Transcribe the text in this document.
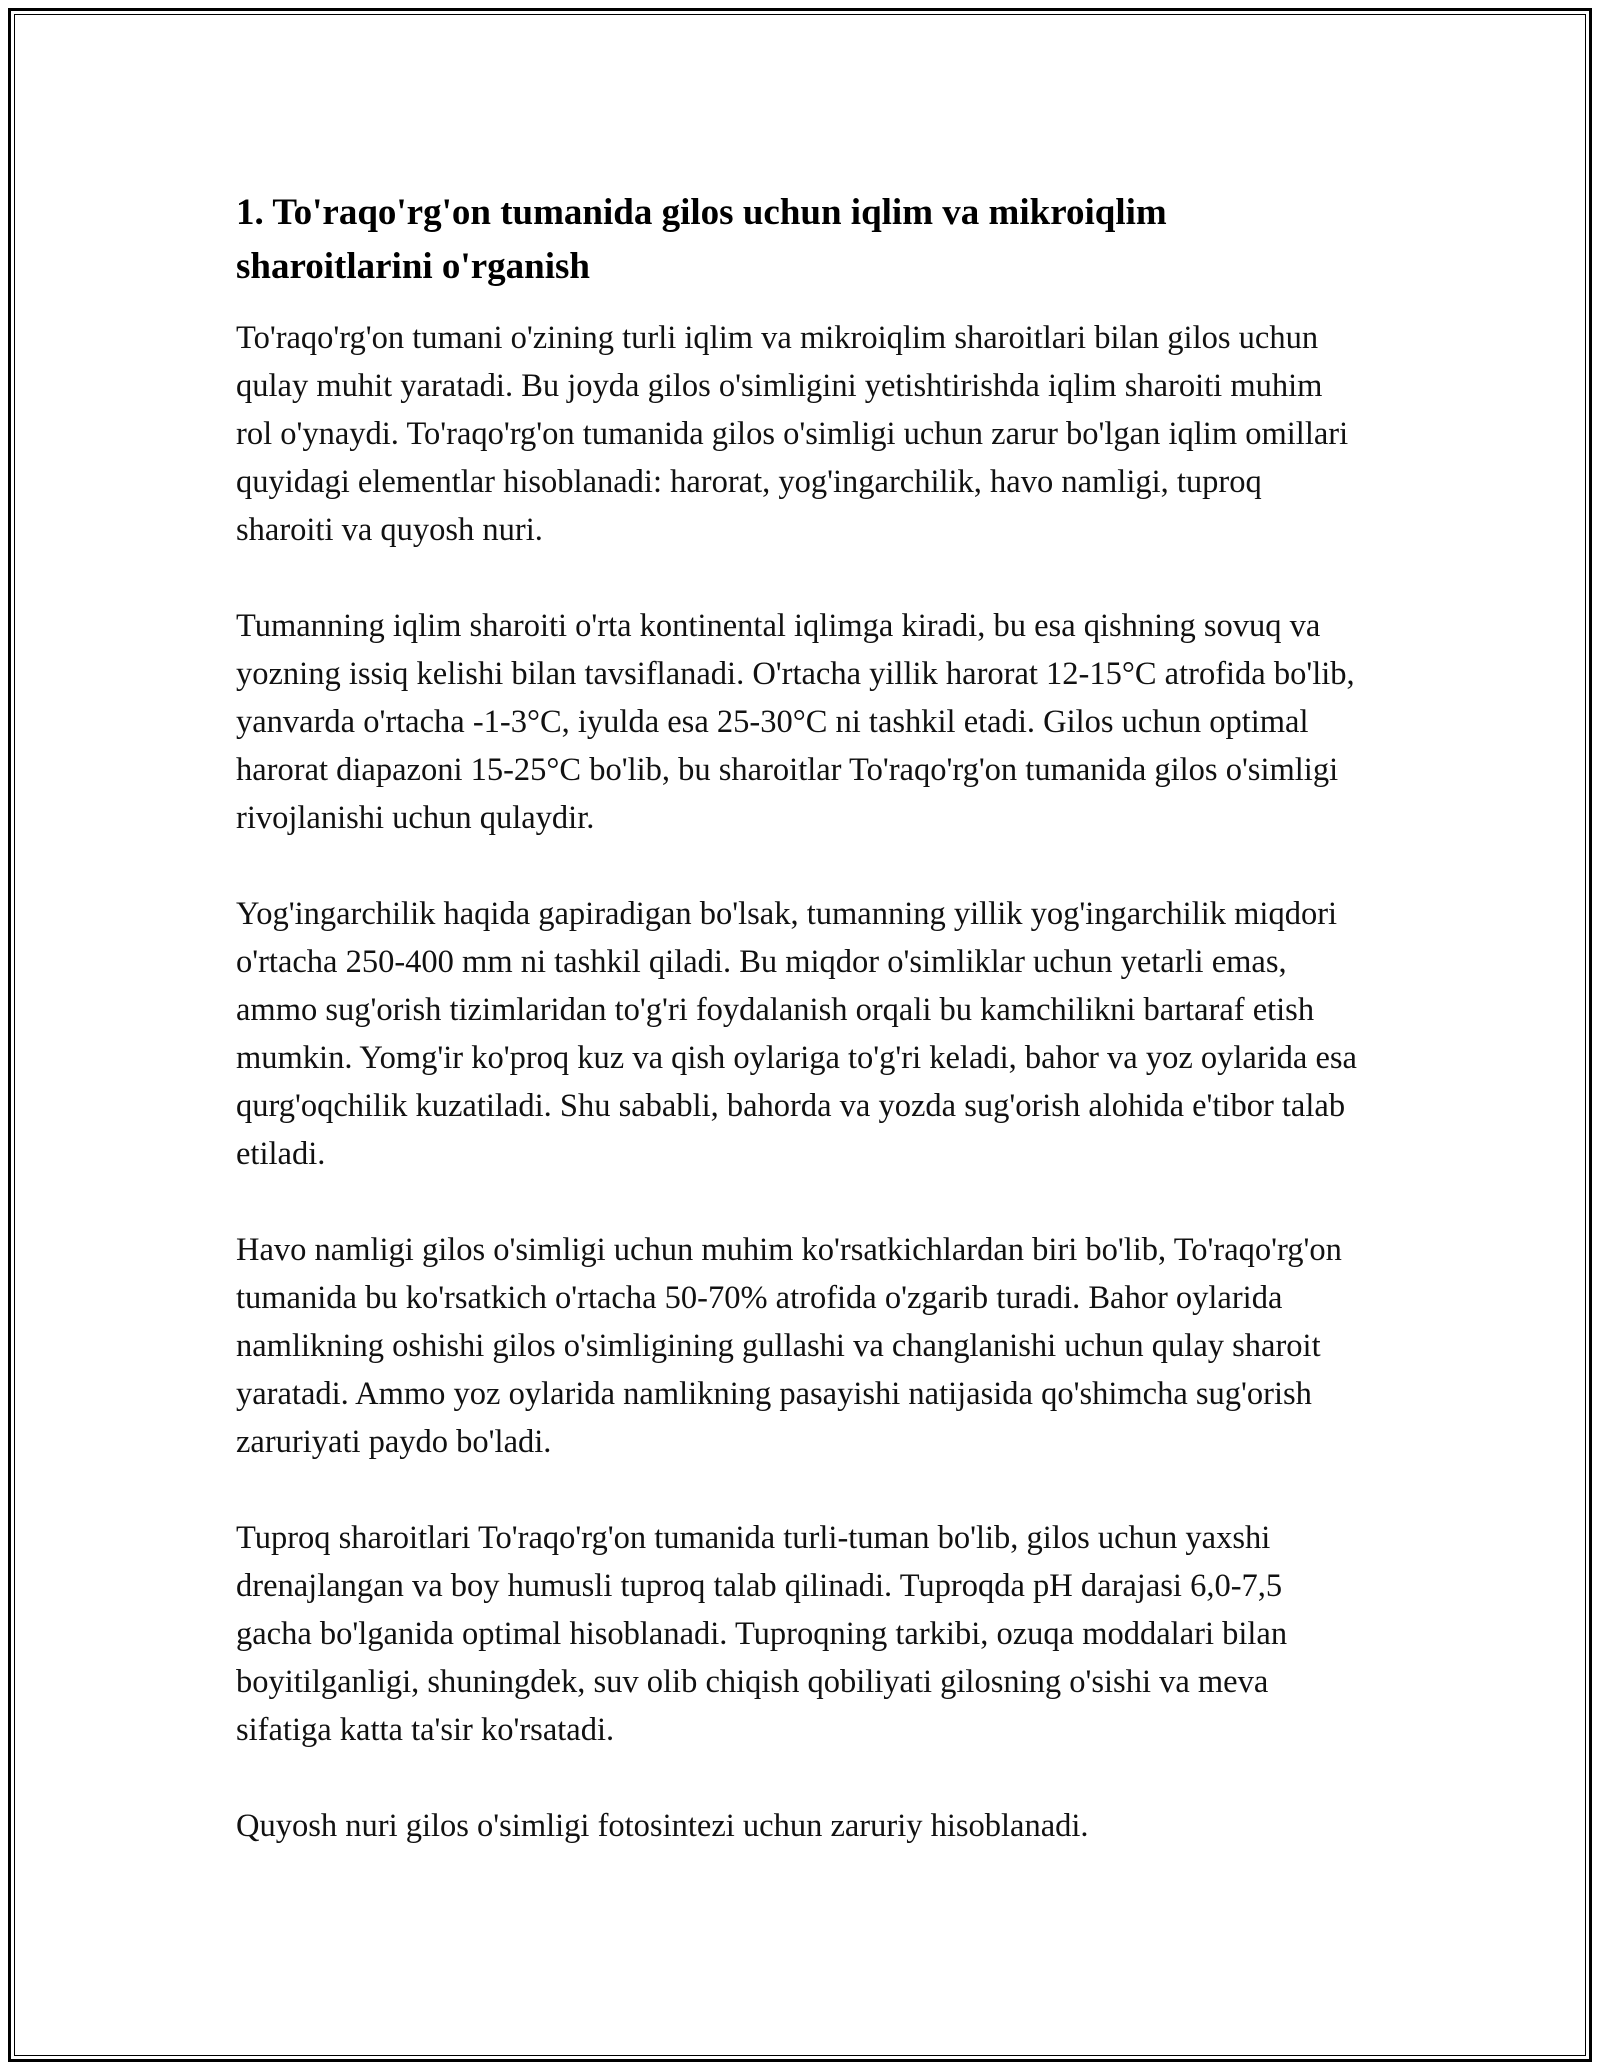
1. To'raqo'rg'on tumanida gilos uchun iqlim va mikroiqlim sharoitlarini o'rganish

To'raqo'rg'on tumani o'zining turli iqlim va mikroiqlim sharoitlari bilan gilos uchun qulay muhit yaratadi. Bu joyda gilos o'simligini yetishtirishda iqlim sharoiti muhim rol o'ynaydi. To'raqo'rg'on tumanida gilos o'simligi uchun zarur bo'lgan iqlim omillari quyidagi elementlar hisoblanadi: harorat, yog'ingarchilik, havo namligi, tuproq sharoiti va quyosh nuri.

Tumanning iqlim sharoiti o'rta kontinental iqlimga kiradi, bu esa qishning sovuq va yozning issiq kelishi bilan tavsiflanadi. O'rtacha yillik harorat 12-15°C atrofida bo'lib, yanvarda o'rtacha -1-3°C, iyulda esa 25-30°C ni tashkil etadi. Gilos uchun optimal harorat diapazoni 15-25°C bo'lib, bu sharoitlar To'raqo'rg'on tumanida gilos o'simligi rivojlanishi uchun qulaydir.

Yog'ingarchilik haqida gapiradigan bo'lsak, tumanning yillik yog'ingarchilik miqdori o'rtacha 250-400 mm ni tashkil qiladi. Bu miqdor o'simliklar uchun yetarli emas, ammo sug'orish tizimlaridan to'g'ri foydalanish orqali bu kamchilikni bartaraf etish mumkin. Yomg'ir ko'proq kuz va qish oylariga to'g'ri keladi, bahor va yoz oylarida esa qurg'oqchilik kuzatiladi. Shu sababli, bahorda va yozda sug'orish alohida e'tibor talab etiladi.

Havo namligi gilos o'simligi uchun muhim ko'rsatkichlardan biri bo'lib, To'raqo'rg'on tumanida bu ko'rsatkich o'rtacha 50-70% atrofida o'zgarib turadi. Bahor oylarida namlikning oshishi gilos o'simligining gullashi va changlanishi uchun qulay sharoit yaratadi. Ammo yoz oylarida namlikning pasayishi natijasida qo'shimcha sug'orish zaruriyati paydo bo'ladi.

Tuproq sharoitlari To'raqo'rg'on tumanida turli-tuman bo'lib, gilos uchun yaxshi drenajlangan va boy humusli tuproq talab qilinadi. Tuproqda pH darajasi 6,0-7,5 gacha bo'lganida optimal hisoblanadi. Tuproqning tarkibi, ozuqa moddalari bilan boyitilganligi, shuningdek, suv olib chiqish qobiliyati gilosning o'sishi va meva sifatiga katta ta'sir ko'rsatadi.

Quyosh nuri gilos o'simligi fotosintezi uchun zaruriy hisoblanadi.
